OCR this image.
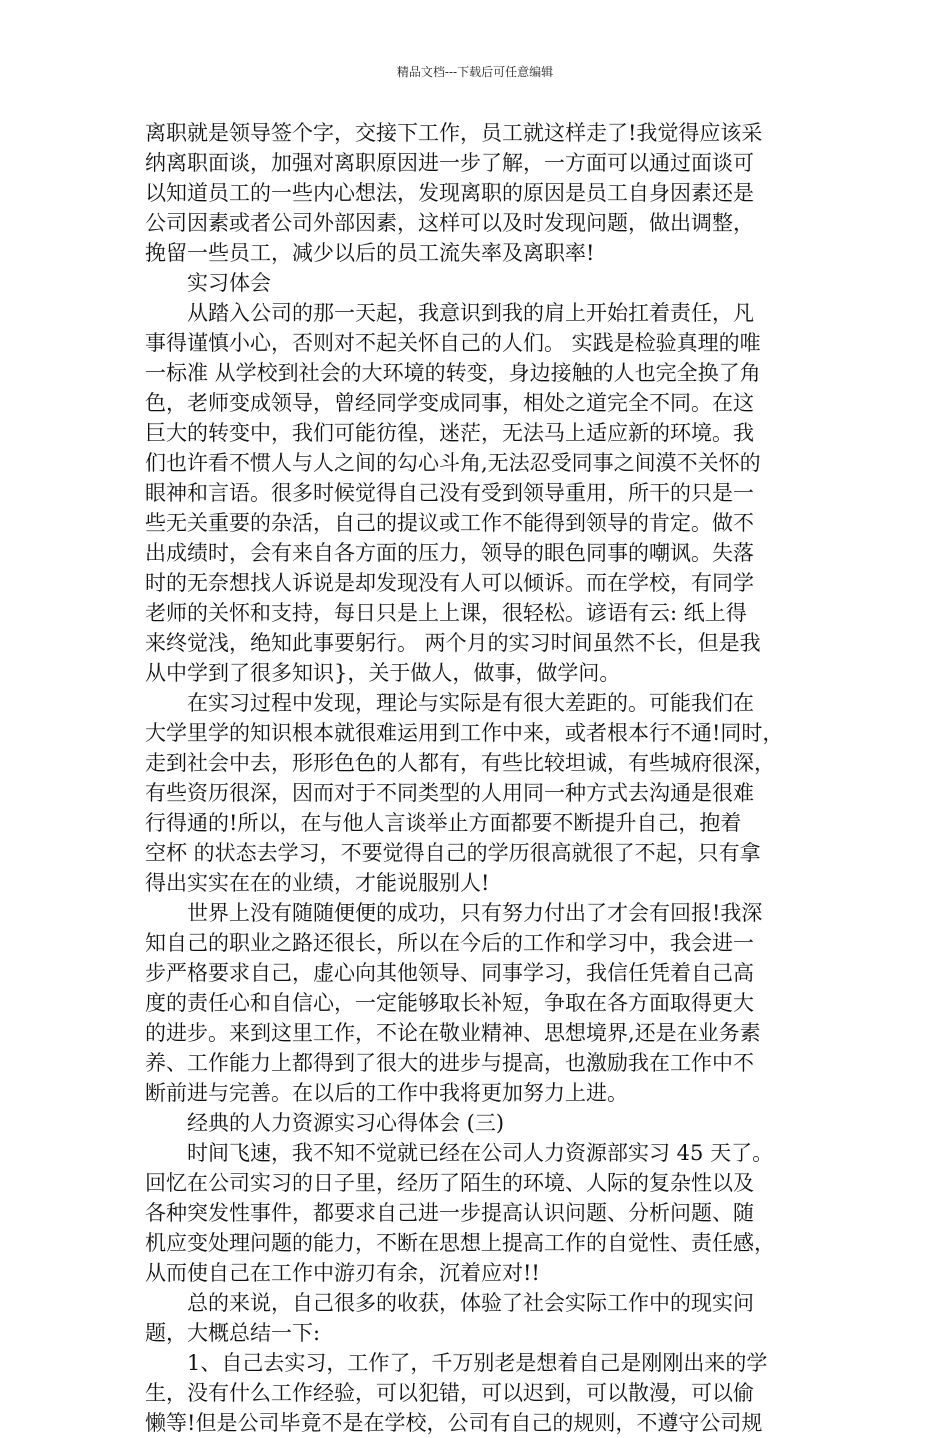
精品文档---下载后可任意编辑
离职就是领导签个字，交接下工作，员工就这样走了!我觉得应该采
纳离职面谈，加强对离职原因进一步了解，一方面可以通过面谈可
以知道员工的一些内心想法，发现离职的原因是员工自身因素还是
公司因素或者公司外部因素，这样可以及时发现问题，做出调整，
挽留一些员工，减少以后的员工流失率及离职率!
实习体会
从踏入公司的那一天起，我意识到我的肩上开始扛着责任，凡
事得谨慎小心，否则对不起关怀自己的人们。 实践是检验真理的唯
一标准 从学校到社会的大环境的转变，身边接触的人也完全换了角
色，老师变成领导，曾经同学变成同事，相处之道完全不同。在这
巨大的转变中，我们可能彷徨，迷茫，无法马上适应新的环境。我
们也许看不惯人与人之间的勾心斗角,无法忍受同事之间漠不关怀的
眼神和言语。很多时候觉得自己没有受到领导重用，所干的只是一
些无关重要的杂活，自己的提议或工作不能得到领导的肯定。做不
出成绩时，会有来自各方面的压力，领导的眼色同事的嘲讽。失落
时的无奈想找人诉说是却发现没有人可以倾诉。而在学校，有同学
老师的关怀和支持，每日只是上上课，很轻松。谚语有云: 纸上得
来终觉浅，绝知此事要躬行。 两个月的实习时间虽然不长，但是我
从中学到了很多知识}，关于做人，做事，做学问。
在实习过程中发现，理论与实际是有很大差距的。可能我们在
大学里学的知识根本就很难运用到工作中来，或者根本行不通!同时，
走到社会中去，形形色色的人都有，有些比较坦诚，有些城府很深，
有些资历很深，因而对于不同类型的人用同一种方式去沟通是很难
行得通的!所以，在与他人言谈举止方面都要不断提升自己，抱着
空杯 的状态去学习，不要觉得自己的学历很高就很了不起，只有拿
得出实实在在的业绩，才能说服别人!
世界上没有随随便便的成功，只有努力付出了才会有回报!我深
知自己的职业之路还很长，所以在今后的工作和学习中，我会进一
步严格要求自己，虚心向其他领导、同事学习，我信任凭着自己高
度的责任心和自信心，一定能够取长补短，争取在各方面取得更大
的进步。来到这里工作，不论在敬业精神、思想境界,还是在业务素
养、工作能力上都得到了很大的进步与提高，也激励我在工作中不
断前进与完善。在以后的工作中我将更加努力上进。
经典的人力资源实习心得体会 (三)
时间飞速，我不知不觉就已经在公司人力资源部实习 45 天了。
回忆在公司实习的日子里，经历了陌生的环境、人际的复杂性以及
各种突发性事件，都要求自己进一步提高认识问题、分析问题、随
机应变处理问题的能力，不断在思想上提高工作的自觉性、责任感，
从而使自己在工作中游刃有余，沉着应对!!
总的来说，自己很多的收获，体验了社会实际工作中的现实问
题，大概总结一下:
1、自己去实习，工作了，千万别老是想着自己是刚刚出来的学
生，没有什么工作经验，可以犯错，可以迟到，可以散漫，可以偷
懒等!但是公司毕竟不是在学校，公司有自己的规则，不遵守公司规
